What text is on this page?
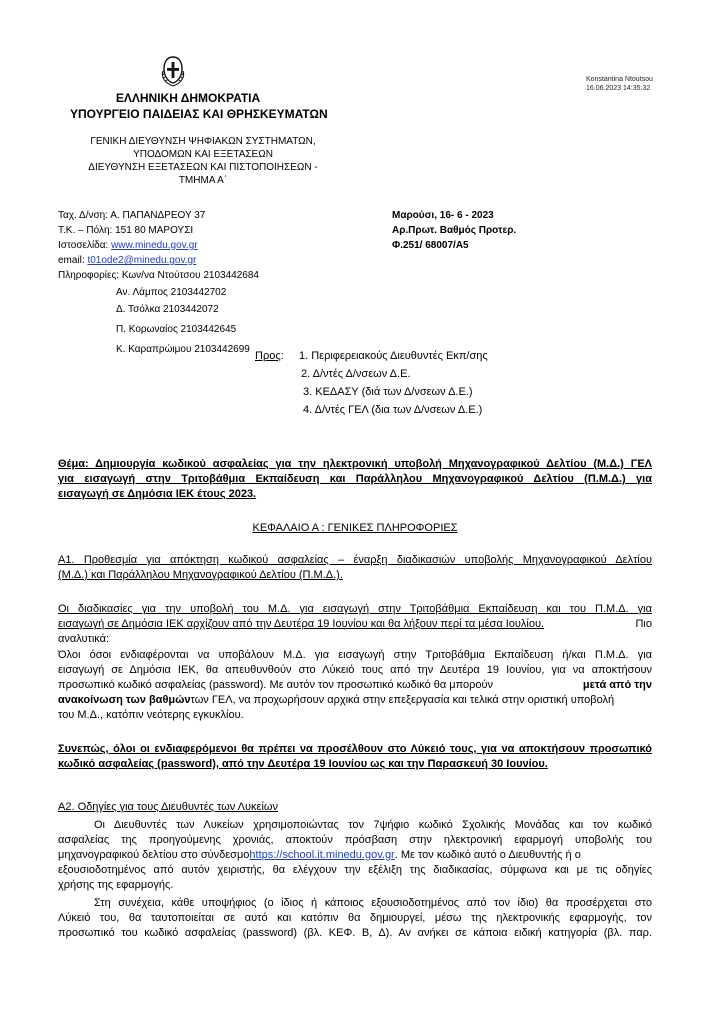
Konstantina Ntoutsou
16.06.2023 14:35:32
ΕΛΛΗΝΙΚΗ ΔΗΜΟΚΡΑΤΙΑ
ΥΠΟΥΡΓΕΙΟ ΠΑΙΔΕΙΑΣ ΚΑΙ ΘΡΗΣΚΕΥΜΑΤΩΝ
ΓΕΝΙΚΗ ΔΙΕΥΘΥΝΣΗ ΨΗΦΙΑΚΩΝ ΣΥΣΤΗΜΑΤΩΝ,
ΥΠΟΔΟΜΩΝ ΚΑΙ ΕΞΕΤΑΣΕΩΝ
ΔΙΕΥΘΥΝΣΗ ΕΞΕΤΑΣΕΩΝ ΚΑΙ ΠΙΣΤΟΠΟΙΗΣΕΩΝ -
ΤΜΗΜΑ Α΄
Ταχ. Δ/νση: Α. ΠΑΠΑΝΔΡΕΟΥ 37
Τ.Κ. – Πόλη: 151 80 ΜΑΡΟΥΣΙ
Ιστοσελίδα: www.minedu.gov.gr
email: t01ode2@minedu.gov.gr
Πληροφορίες: Κων/να Ντούτσου 2103442684
Αν. Λάμπος 2103442702
Δ. Τσόλκα 2103442072
Π. Κορωναίος 2103442645
Κ. Καραπρώιμου 2103442699
Μαρούσι, 16- 6 - 2023
Αρ.Πρωτ. Βαθμός Προτερ.
Φ.251/ 68007/Α5
Προς:	1. Περιφερειακούς Διευθυντές Εκπ/σης
2. Δ/ντές Δ/νσεων Δ.Ε.
3. ΚΕΔΑΣΥ (διά των Δ/νσεων Δ.Ε.)
4. Δ/ντές ΓΕΛ (δια των Δ/νσεων Δ.Ε.)
Θέμα: Δημιουργία κωδικού ασφαλείας για την ηλεκτρονική υποβολή Μηχανογραφικού Δελτίου (Μ.Δ.) ΓΕΛ
για εισαγωγή στην Τριτοβάθμια Εκπαίδευση και Παράλληλου Μηχανογραφικού Δελτίου (Π.Μ.Δ.) για
εισαγωγή σε Δημόσια ΙΕΚ έτους 2023.
ΚΕΦΑΛΑΙΟ Α : ΓΕΝΙΚΕΣ ΠΛΗΡΟΦΟΡΙΕΣ
Α1. Προθεσμία για απόκτηση κωδικού ασφαλείας – έναρξη διαδικασιών υποβολής Μηχανογραφικού Δελτίου
(Μ.Δ.) και Παράλληλου Μηχανογραφικού Δελτίου (Π.Μ.Δ.).
Οι διαδικασίες για την υποβολή του Μ.Δ. για εισαγωγή στην Τριτοβάθμια Εκπαίδευση και του Π.Μ.Δ. για
εισαγωγή σε Δημόσια ΙΕΚ αρχίζουν από την Δευτέρα 19 Ιουνίου και θα λήξουν περί τα μέσα Ιουλίου.	Πιο
αναλυτικά:
Όλοι όσοι ενδιαφέρονται να υποβάλουν Μ.Δ. για εισαγωγή στην Τριτοβάθμια Εκπαίδευση ή/και Π.Μ.Δ. για
εισαγωγή σε Δημόσια ΙΕΚ, θα απευθυνθούν στο Λύκειό τους από την Δευτέρα 19 Ιουνίου, για να αποκτήσουν
προσωπικό κωδικό ασφαλείας (password). Με αυτόν τον προσωπικό κωδικό θα μπορούν	μετά από την
ανακοίνωση των βαθμών των ΓΕΛ, να προχωρήσουν αρχικά στην επεξεργασία και τελικά στην οριστική υποβολή
του Μ.Δ., κατόπιν νεότερης εγκυκλίου.
Συνεπώς, όλοι οι ενδιαφερόμενοι θα πρέπει να προσέλθουν στο Λύκειό τους, για να αποκτήσουν προσωπικό
κωδικό ασφαλείας (password), από την Δευτέρα 19 Ιουνίου ως και την Παρασκευή 30 Ιουνίου.
Α2. Οδηγίες για τους Διευθυντές των Λυκείων
Οι Διευθυντές των Λυκείων χρησιμοποιώντας τον 7ψήφιο κωδικό Σχολικής Μονάδας και τον κωδικό
ασφαλείας της προηγούμενης χρονιάς, αποκτούν πρόσβαση στην ηλεκτρονική εφαρμογή υποβολής του
μηχανογραφικού δελτίου στο σύνδεσμο https://school.it.minedu.gov.gr . Με τον κωδικό αυτό ο Διευθυντής ή ο
εξουσιοδοτημένος από αυτόν χειριστής, θα ελέγχουν την εξέλιξη της διαδικασίας, σύμφωνα και με τις οδηγίες
χρήσης της εφαρμογής.
Στη συνέχεια, κάθε υποψήφιος (ο ίδιος ή κάποιος εξουσιοδοτημένος από τον ίδιο) θα προσέρχεται στο
Λύκειό του, θα ταυτοποιείται σε αυτό και κατόπιν θα δημιουργεί, μέσω της ηλεκτρονικής εφαρμογής, τον
προσωπικό του κωδικό ασφαλείας (password) (βλ. ΚΕΦ. Β, Δ). Αν ανήκει σε κάποια ειδική κατηγορία (βλ. παρ.
